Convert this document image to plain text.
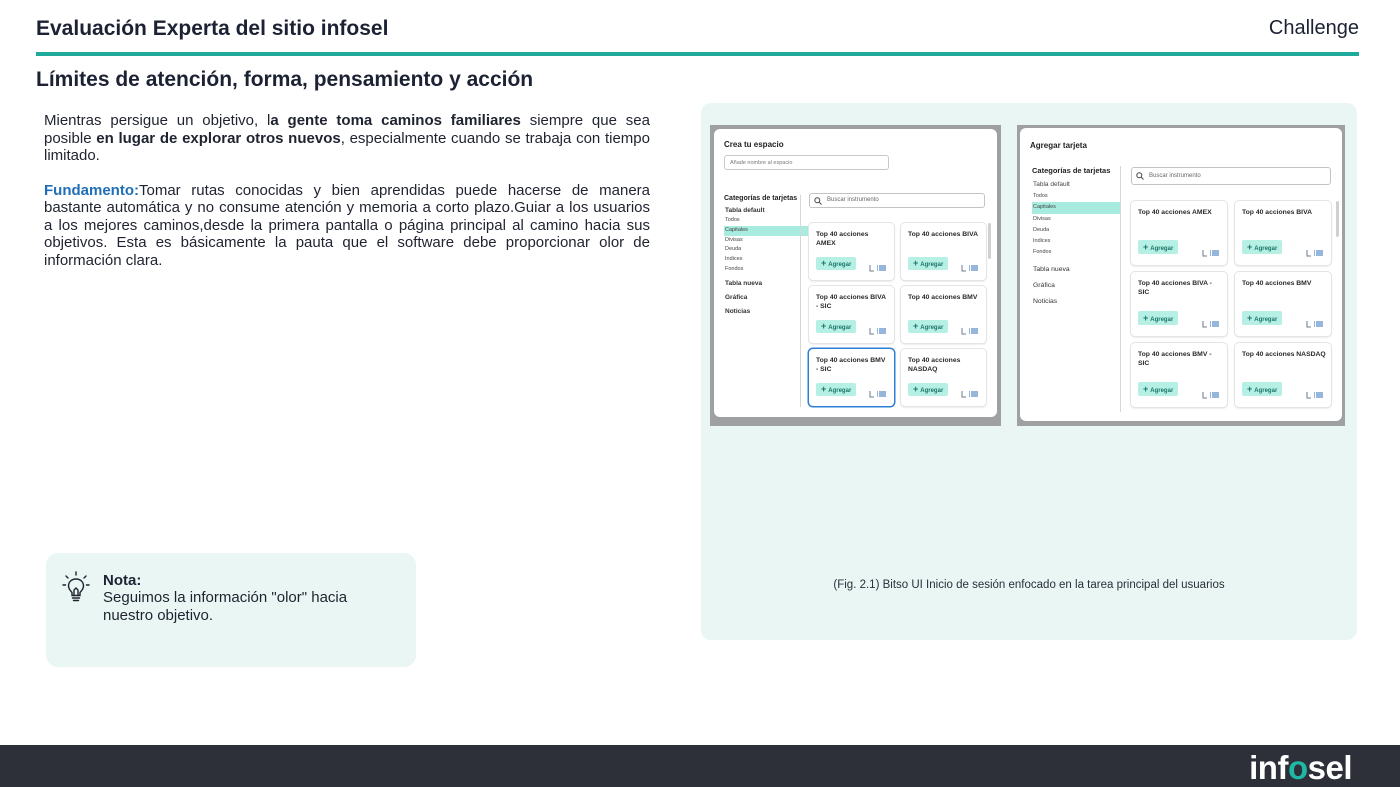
Evaluación Experta del sitio infosel	Challenge
Límites de atención, forma, pensamiento y acción

Mientras persigue un objetivo, la gente toma caminos familiares siempre que sea posible en lugar de explorar otros nuevos, especialmente cuando se trabaja con tiempo limitado.

Fundamento:Tomar rutas conocidas y bien aprendidas puede hacerse de manera bastante automática y no consume atención y memoria a corto plazo.Guiar a los usuarios a los mejores caminos,desde la primera pantalla o página principal al camino hacia sus objetivos. Esta es básicamente la pauta que el software debe proporcionar olor de información clara.

Nota:
Seguimos la información "olor" hacia nuestro objetivo.
Crea tu espacio
Añade nombre al espacio
Categorías de tarjetas
Tabla default
Todos
Capitales
Divisas
Deuda
Indices
Fondos
Tabla nueva
Gráfica
Noticias
Buscar instrumento
Top 40 acciones AMEX
+ Agregar
Top 40 acciones BIVA
+ Agregar
Top 40 acciones BIVA - SIC
+ Agregar
Top 40 acciones BMV
+ Agregar
Top 40 acciones BMV - SIC
+ Agregar
Top 40 acciones NASDAQ
+ Agregar
Agregar tarjeta
Categorías de tarjetas
Tabla default
Todos
Capitales
Divisas
Deuda
Indices
Fondos
Tabla nueva
Gráfica
Noticias
Buscar instrumento
Top 40 acciones AMEX
+ Agregar
Top 40 acciones BIVA
+ Agregar
Top 40 acciones BIVA - SIC
+ Agregar
Top 40 acciones BMV
+ Agregar
Top 40 acciones BMV - SIC
+ Agregar
Top 40 acciones NASDAQ
+ Agregar
(Fig. 2.1) Bitso UI Inicio de sesión enfocado en la tarea principal del usuarios
infosel
